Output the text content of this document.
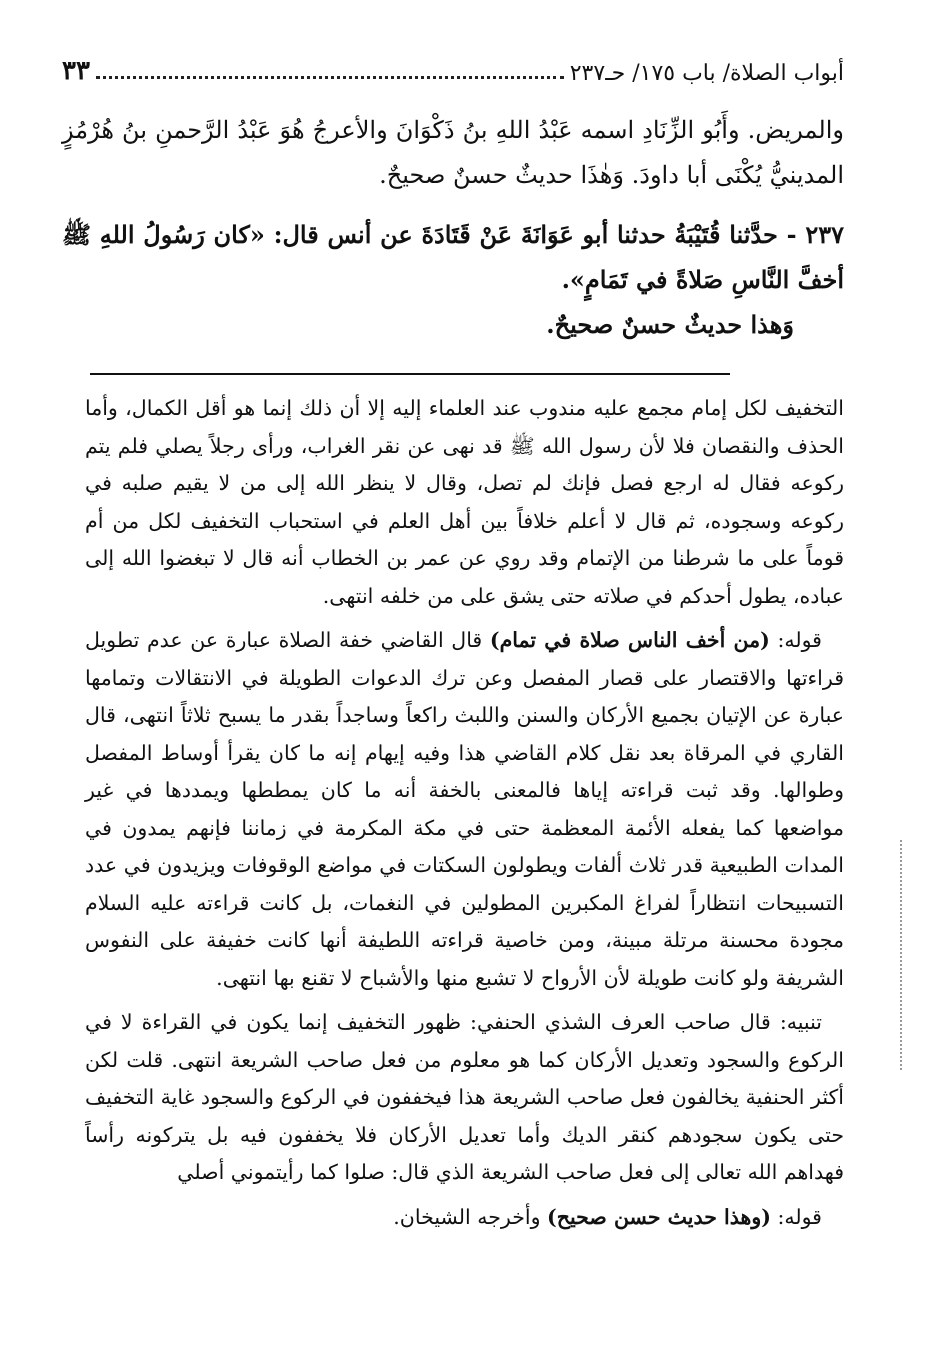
أبواب الصلاة/ باب ١٧٥/ حـ٢٣٧
٣٣

والمريض. وأَبُو الزِّنَادِ اسمه عَبْدُ اللهِ بنُ ذَكْوَانَ والأعرجُ هُوَ عَبْدُ الرَّحمنِ بنُ هُرْمُزٍ المدينيُّ يُكْنَى أبا داودَ. وَهٰذَا حديثٌ حسنٌ صحيحٌ.

٢٣٧ - حدَّثنا قُتَيْبَةُ حدثنا أبو عَوَانَةَ عَنْ قَتَادَةَ عن أنس قال: «كان رَسُولُ اللهِ ﷺ أخفَّ النَّاسِ صَلاةً في تَمَامٍ».

وَهذا حديثٌ حسنٌ صحيحٌ.

التخفيف لكل إمام مجمع عليه مندوب عند العلماء إليه إلا أن ذلك إنما هو أقل الكمال، وأما الحذف والنقصان فلا لأن رسول الله ﷺ قد نهى عن نقر الغراب، ورأى رجلاً يصلي فلم يتم ركوعه فقال له ارجع فصل فإنك لم تصل، وقال لا ينظر الله إلى من لا يقيم صلبه في ركوعه وسجوده، ثم قال لا أعلم خلافاً بين أهل العلم في استحباب التخفيف لكل من أم قوماً على ما شرطنا من الإتمام وقد روي عن عمر بن الخطاب أنه قال لا تبغضوا الله إلى عباده، يطول أحدكم في صلاته حتى يشق على من خلفه انتهى.

قوله: (من أخف الناس صلاة في تمام) قال القاضي خفة الصلاة عبارة عن عدم تطويل قراءتها والاقتصار على قصار المفصل وعن ترك الدعوات الطويلة في الانتقالات وتمامها عبارة عن الإتيان بجميع الأركان والسنن واللبث راكعاً وساجداً بقدر ما يسبح ثلاثاً انتهى، قال القاري في المرقاة بعد نقل كلام القاضي هذا وفيه إيهام إنه ما كان يقرأ أوساط المفصل وطوالها. وقد ثبت قراءته إياها فالمعنى بالخفة أنه ما كان يمططها ويمددها في غير مواضعها كما يفعله الأئمة المعظمة حتى في مكة المكرمة في زماننا فإنهم يمدون في المدات الطبيعية قدر ثلاث ألفات ويطولون السكتات في مواضع الوقوفات ويزيدون في عدد التسبيحات انتظاراً لفراغ المكبرين المطولين في النغمات، بل كانت قراءته عليه السلام مجودة محسنة مرتلة مبينة، ومن خاصية قراءته اللطيفة أنها كانت خفيفة على النفوس الشريفة ولو كانت طويلة لأن الأرواح لا تشبع منها والأشباح لا تقنع بها انتهى.

تنبيه: قال صاحب العرف الشذي الحنفي: ظهور التخفيف إنما يكون في القراءة لا في الركوع والسجود وتعديل الأركان كما هو معلوم من فعل صاحب الشريعة انتهى. قلت لكن أكثر الحنفية يخالفون فعل صاحب الشريعة هذا فيخففون في الركوع والسجود غاية التخفيف حتى يكون سجودهم كنقر الديك وأما تعديل الأركان فلا يخففون فيه بل يتركونه رأساً فهداهم الله تعالى إلى فعل صاحب الشريعة الذي قال: صلوا كما رأيتموني أصلي

قوله: (وهذا حديث حسن صحيح) وأخرجه الشيخان.
